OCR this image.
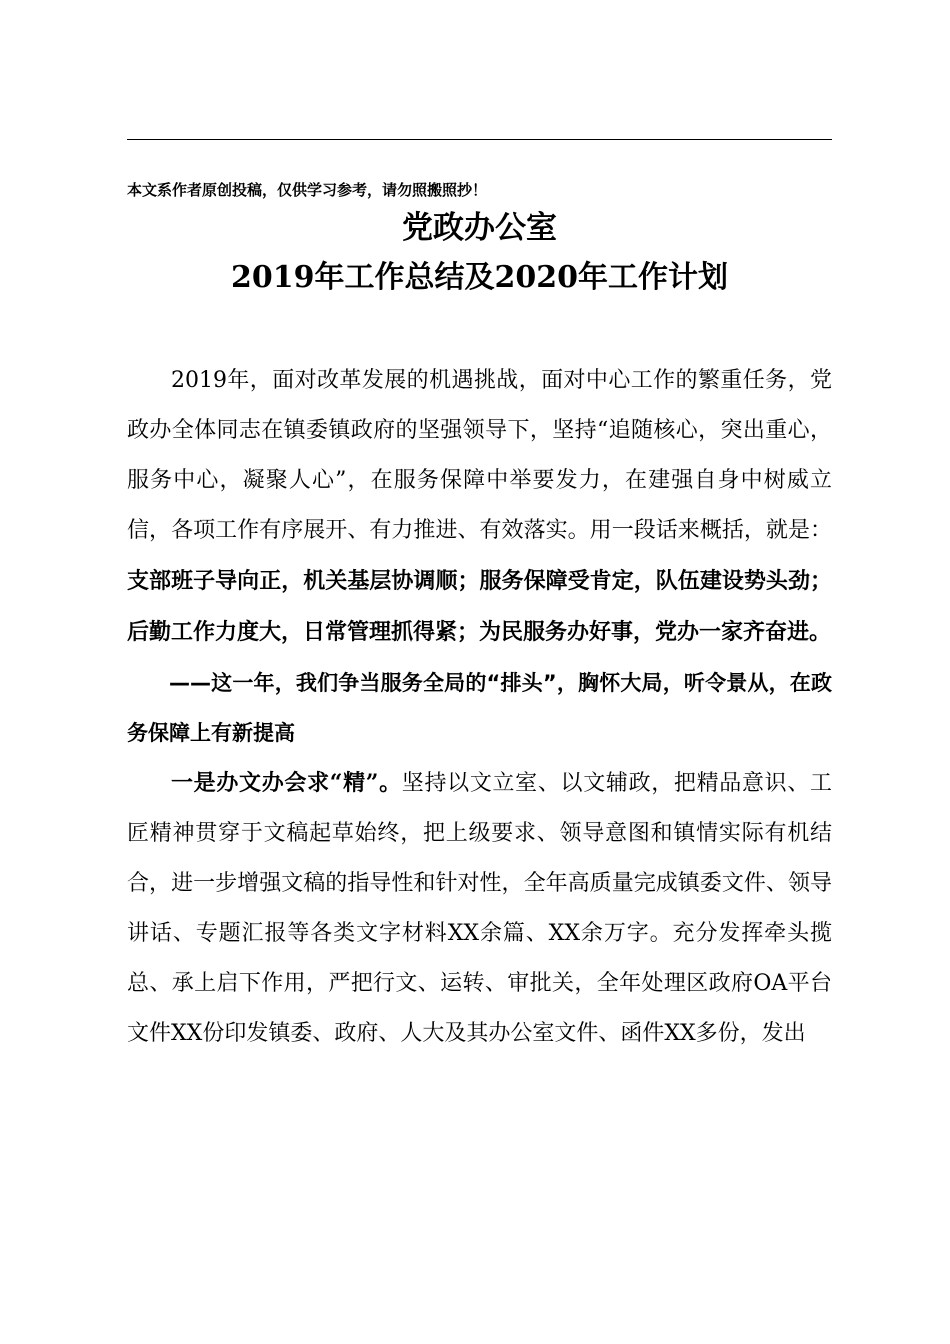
本文系作者原创投稿，仅供学习参考，请勿照搬照抄！
党政办公室
2019年工作总结及2020年工作计划

2019年，面对改革发展的机遇挑战，面对中心工作的繁重任务，党政办全体同志在镇委镇政府的坚强领导下，坚持“追随核心，突出重心，服务中心，凝聚人心”，在服务保障中举要发力，在建强自身中树威立信，各项工作有序展开、有力推进、有效落实。用一段话来概括，就是：支部班子导向正，机关基层协调顺；服务保障受肯定，队伍建设势头劲；后勤工作力度大，日常管理抓得紧；为民服务办好事，党办一家齐奋进。

——这一年，我们争当服务全局的“排头”，胸怀大局，听令景从，在政务保障上有新提高

一是办文办会求“精”。坚持以文立室、以文辅政，把精品意识、工匠精神贯穿于文稿起草始终，把上级要求、领导意图和镇情实际有机结合，进一步增强文稿的指导性和针对性，全年高质量完成镇委文件、领导讲话、专题汇报等各类文字材料XX余篇、XX余万字。充分发挥牵头揽总、承上启下作用，严把行文、运转、审批关，全年处理区政府OA平台文件XX份印发镇委、政府、人大及其办公室文件、函件XX多份，发出
